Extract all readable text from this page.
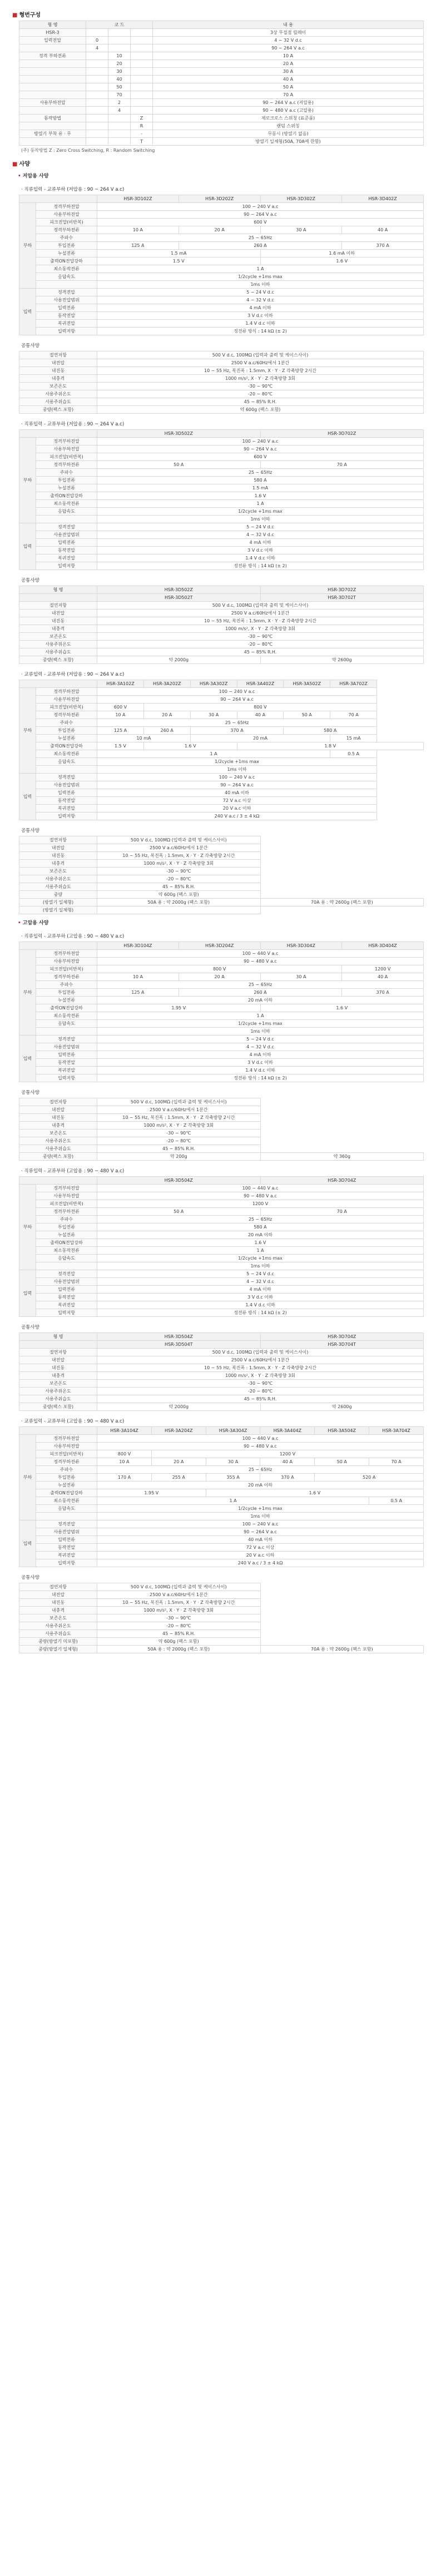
■ 형번구성
형 명	코 드			내 용
HSR-3				3상 무접점 릴레이
입력전압	0			4 ~ 32 V d.c
	4			90 ~ 264 V a.c
정격 부하전류		10		10 A
		20		20 A
		30		30 A
		40		40 A
		50		50 A
		70		70 A
사용부하전압		2		90 ~ 264 V a.c (저압용)
		4		90 ~ 480 V a.c (고압용)
동작방법			Z	제로크로스 스위칭 (표준품)
			R	랜덤 스위칭
방열기 부착 유 · 무			-	무동시 (방열기 없음)
			T	방열기 일체형(50A, 70A에 한함)
(주) 동작방법 Z : Zero Cross Switching, R : Random Switching
■ 사양
• 저압용 사양
· 직류입력 - 교류부하 (저압용 : 90 ~ 264 V a.c)
		HSR-3D102Z	HSR-3D202Z	HSR-3D302Z	HSR-3D402Z
부하	정격부하전압	100 ~ 240 V a.c			
	사용부하전압	90 ~ 264 V a.c			
	피크전압(비반복)	600 V			
	정격부하전류	10 A	20 A	30 A	40 A
	주파수	25 ~ 65Hz			
	투입전류	125 A	260 A		370 A
	누설전류	1.5 mA		1.6 mA 이하	
	출력ON전압강하	1.5 V		1.6 V	
	최소동작전류	1 A			
	응답속도	1/2cycle +1ms max			
		1ms 이하			
입력	정격전압	5 ~ 24 V d.c			
	사용전압범위	4 ~ 32 V d.c			
	입력전류	4 mA 이하			
	동작전압	3 V d.c 이하			
	복귀전압	1.4 V d.c 이하			
	입력저항	정전류 방식 : 14 kΩ (± 2)			
공통사양
절연저항	500 V d.c, 100MΩ (입력과 출력 및 케이스사이)
내전압	2500 V a.c/60Hz에서 1분간
내진동	10 ~ 55 Hz, 복진폭 : 1.5mm, X · Y · Z 각축방향 2시간
내충격	1000 m/s², X · Y · Z 각축방향 3회
보존온도	-30 ~ 90℃
사용주위온도	-20 ~ 80℃
사용주위습도	45 ~ 85% R.H.
중량(팩스 포함)	약 600g (팩스 포함)
· 직류입력 - 교류부하 (저압용 : 90 ~ 264 V a.c)
		HSR-3D502Z	HSR-3D702Z
부하	정격부하전압	100 ~ 240 V a.c	
	사용부하전압	90 ~ 264 V a.c	
	피크전압(비반복)	600 V	
	정격부하전류	50 A	70 A
	주파수	25 ~ 65Hz	
	투입전류	580 A	
	누설전류	1.5 mA	
	출력ON전압강하	1.6 V	
	최소동작전류	1 A	
	응답속도	1/2cycle +1ms max	
		1ms 이하	
입력	정격전압	5 ~ 24 V d.c	
	사용전압범위	4 ~ 32 V d.c	
	입력전류	4 mA 이하	
	동작전압	3 V d.c 이하	
	복귀전압	1.4 V d.c 이하	
	입력저항	정전류 방식 : 14 kΩ (± 2)	
공통사양
형 명	HSR-3D502Z	HSR-3D702Z
	HSR-3D502T	HSR-3D702T
절연저항	500 V d.c, 100MΩ (입력과 출력 및 케이스사이)	
내전압	2500 V a.c/60Hz에서 1분간	
내진동	10 ~ 55 Hz, 복진폭 : 1.5mm, X · Y · Z 각축방향 2시간	
내충격	1000 m/s², X · Y · Z 각축방향 3회	
보존온도	-30 ~ 90℃	
사용주위온도	-20 ~ 80℃	
사용주위습도	45 ~ 85% R.H.	
중량(팩스 포함)	약 2000g	약 2600g
· 교류입력 - 교류부하 (저압용 : 90 ~ 264 V a.c)
		HSR-3A102Z	HSR-3A202Z	HSR-3A302Z	HSR-3A402Z	HSR-3A502Z	HSR-3A702Z
부하	정격부하전압	100 ~ 240 V a.c					
	사용부하전압	90 ~ 264 V a.c					
	피크전압(비반복)	600 V	800 V				
	정격부하전류	10 A	20 A	30 A	40 A	50 A	70 A
	주파수	25 ~ 65Hz					
	투입전류	125 A	260 A	370 A		580 A	
	누설전류	10 mA		20 mA			15 mA
	출력ON전압강하	1.5 V	1.6 V		1.8 V		
	최소동작전류	1 A					0.5 A
	응답속도	1/2cycle +1ms max					
		1ms 이하					
입력	정격전압	100 ~ 240 V a.c					
	사용전압범위	90 ~ 264 V a.c					
	입력전류	40 mA 이하					
	동작전압	72 V a.c 이상					
	복귀전압	20 V a.c 이하					
	입력저항	240 V a.c / 3 ± 4 kΩ					
공통사양
절연저항	500 V d.c, 100MΩ (입력과 출력 및 케이스사이)	
내전압	2500 V a.c/60Hz에서 1분간	
내진동	10 ~ 55 Hz, 복진폭 : 1.5mm, X · Y · Z 각축방향 2시간	
내충격	1000 m/s², X · Y · Z 각축방향 3회	
보존온도	-30 ~ 90℃	
사용주위온도	-20 ~ 80℃	
사용주위습도	45 ~ 85% R.H.	
중량	약 600g (팩스 포함)	
(방열기 일체형)	50A 용 : 약 2000g (팩스 포함)	70A 용 : 약 2600g (팩스 포함)
(방열기 일체형)		
• 고압용 사양
· 직류입력 - 교류부하 (고압용 : 90 ~ 480 V a.c)
		HSR-3D104Z	HSR-3D204Z	HSR-3D304Z	HSR-3D404Z
부하	정격부하전압	100 ~ 440 V a.c			
	사용부하전압	90 ~ 480 V a.c			
	피크전압(비반복)	800 V			1200 V
	정격부하전류	10 A	20 A	30 A	40 A
	주파수	25 ~ 65Hz			
	투입전류	125 A	260 A		370 A
	누설전류	20 mA 이하			
	출력ON전압강하	1.95 V		1.6 V	
	최소동작전류	1 A			
	응답속도	1/2cycle +1ms max			
		1ms 이하			
입력	정격전압	5 ~ 24 V d.c			
	사용전압범위	4 ~ 32 V d.c			
	입력전류	4 mA 이하			
	동작전압	3 V d.c 이하			
	복귀전압	1.4 V d.c 이하			
	입력저항	정전류 방식 : 14 kΩ (± 2)			
공통사양
절연저항	500 V d.c, 100MΩ (입력과 출력 및 케이스사이)	
내전압	2500 V a.c/60Hz에서 1분간	
내진동	10 ~ 55 Hz, 복진폭 : 1.5mm, X · Y · Z 각축방향 2시간	
내충격	1000 m/s², X · Y · Z 각축방향 3회	
보존온도	-30 ~ 90℃	
사용주위온도	-20 ~ 80℃	
사용주위습도	45 ~ 85% R.H.	
중량(팩스 포함)	약 200g	약 360g
· 직류입력 - 교류부하 (고압용 : 90 ~ 480 V a.c)
		HSR-3D504Z	HSR-3D704Z
부하	정격부하전압	100 ~ 440 V a.c	
	사용부하전압	90 ~ 480 V a.c	
	피크전압(비반복)	1200 V	
	정격부하전류	50 A	70 A
	주파수	25 ~ 65Hz	
	투입전류	580 A	
	누설전류	20 mA 이하	
	출력ON전압강하	1.6 V	
	최소동작전류	1 A	
	응답속도	1/2cycle +1ms max	
		1ms 이하	
입력	정격전압	5 ~ 24 V d.c	
	사용전압범위	4 ~ 32 V d.c	
	입력전류	4 mA 이하	
	동작전압	3 V d.c 이하	
	복귀전압	1.4 V d.c 이하	
	입력저항	정전류 방식 : 14 kΩ (± 2)	
공통사양
형 명	HSR-3D504Z	HSR-3D704Z
	HSR-3D504T	HSR-3D704T
절연저항	500 V d.c, 100MΩ (입력과 출력 및 케이스사이)	
내전압	2500 V a.c/60Hz에서 1분간	
내진동	10 ~ 55 Hz, 복진폭 : 1.5mm, X · Y · Z 각축방향 2시간	
내충격	1000 m/s², X · Y · Z 각축방향 3회	
보존온도	-30 ~ 90℃	
사용주위온도	-20 ~ 80℃	
사용주위습도	45 ~ 85% R.H.	
중량(팩스 포함)	약 2000g	약 2600g
· 교류입력 - 교류부하 (고압용 : 90 ~ 480 V a.c)
		HSR-3A104Z	HSR-3A204Z	HSR-3A304Z	HSR-3A404Z	HSR-3A504Z	HSR-3A704Z
부하	정격부하전압	100 ~ 440 V a.c					
	사용부하전압	90 ~ 480 V a.c					
	피크전압(비반복)	800 V	1200 V				
	정격부하전류	10 A	20 A	30 A	40 A	50 A	70 A
	주파수	25 ~ 65Hz					
	투입전류	170 A	255 A	355 A	370 A	520 A	
	누설전류	20 mA 이하					
	출력ON전압강하	1.95 V		1.6 V			
	최소동작전류	1 A					0.5 A
	응답속도	1/2cycle +1ms max					
		1ms 이하					
입력	정격전압	100 ~ 240 V a.c					
	사용전압범위	90 ~ 264 V a.c					
	입력전류	40 mA 이하					
	동작전압	72 V a.c 이상					
	복귀전압	20 V a.c 이하					
	입력저항	240 V a.c / 3 ± 4 kΩ					
공통사양
절연저항	500 V d.c, 100MΩ (입력과 출력 및 케이스사이)	
내전압	2500 V a.c/60Hz에서 1분간	
내진동	10 ~ 55 Hz, 복진폭 : 1.5mm, X · Y · Z 각축방향 2시간	
내충격	1000 m/s², X · Y · Z 각축방향 3회	
보존온도	-30 ~ 90℃	
사용주위온도	-20 ~ 80℃	
사용주위습도	45 ~ 85% R.H.	
중량(방열기 미포함)	약 600g (팩스 포함)	
중량(방열기 일체형)	50A 용 : 약 2000g (팩스 포함)	70A 용 : 약 2600g (팩스 포함)
